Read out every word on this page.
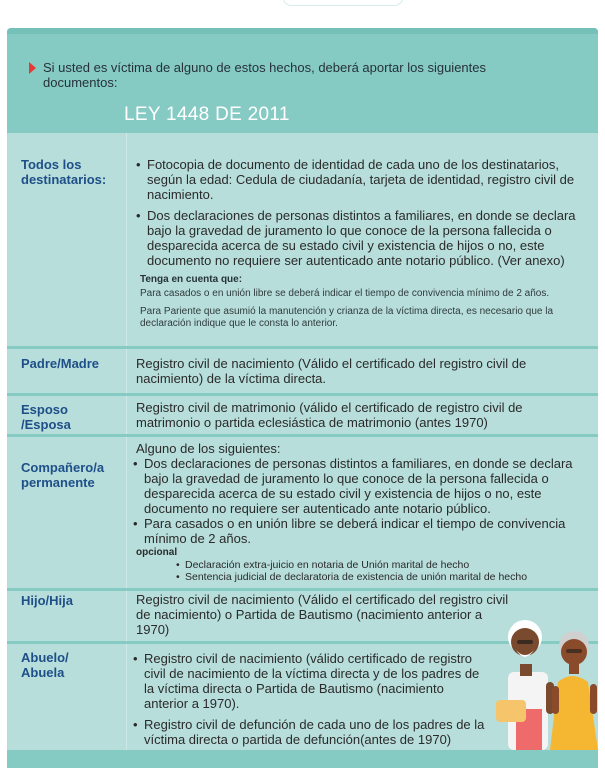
Si usted es víctima de alguno de estos hechos, deberá aportar los siguientes documentos:
LEY 1448 DE 2011
Todos los destinatarios:
• Fotocopia de documento de identidad de cada uno de los destinatarios, según la edad: Cedula de ciudadanía, tarjeta de identidad, registro civil de nacimiento.
• Dos declaraciones de personas distintos a familiares, en donde se declara bajo la gravedad de juramento lo que conoce de la persona fallecida o desparecida acerca de su estado civil y existencia de hijos o no, este documento no requiere ser autenticado ante notario público. (Ver anexo)
Tenga en cuenta que:
Para casados o en unión libre se deberá indicar el tiempo de convivencia mínimo de 2 años.
Para Pariente que asumió la manutención y crianza de la víctima directa, es necesario que la declaración indique que le consta lo anterior.
Padre/Madre	Registro civil de nacimiento (Válido el certificado del registro civil de nacimiento) de la víctima directa.
Esposo /Esposa
Registro civil de matrimonio (válido el certificado de registro civil de matrimonio o partida eclesiástica de matrimonio (antes 1970)
Compañero/a permanente
Alguno de los siguientes:
• Dos declaraciones de personas distintos a familiares, en donde se declara bajo la gravedad de juramento lo que conoce de la persona fallecida o desparecida acerca de su estado civil y existencia de hijos o no, este documento no requiere ser autenticado ante notario público.
• Para casados o en unión libre se deberá indicar el tiempo de convivencia mínimo de 2 años.
opcional
• Declaración extra-juicio en notaria de Unión marital de hecho
• Sentencia judicial de declaratoria de existencia de unión marital de hecho
Hijo/Hija	Registro civil de nacimiento (Válido el certificado del registro civil de nacimiento) o Partida de Bautismo (nacimiento anterior a 1970)
Abuelo/ Abuela
• Registro civil de nacimiento (válido certificado de registro civil de nacimiento de la víctima directa y de los padres de la víctima directa o Partida de Bautismo (nacimiento anterior a 1970).
• Registro civil de defunción de cada uno de los padres de la víctima directa o partida de defunción(antes de 1970)
